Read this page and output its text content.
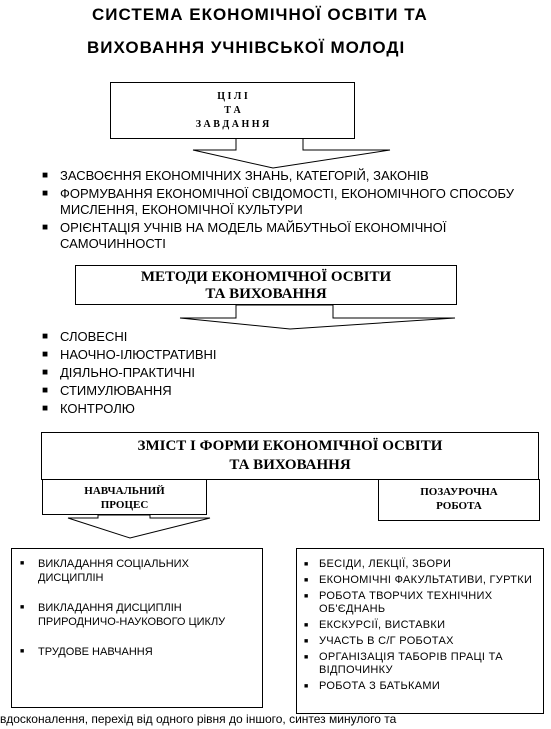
СИСТЕМА ЕКОНОМІЧНОЇ ОСВІТИ ТА
ВИХОВАННЯ УЧНІВСЬКОЇ МОЛОДІ
Ц І Л І
Т А
З А В Д А Н Н Я
■ ЗАСВОЄННЯ ЕКОНОМІЧНИХ ЗНАНЬ, КАТЕГОРІЙ, ЗАКОНІВ
■ ФОРМУВАННЯ ЕКОНОМІЧНОЇ СВІДОМОСТІ, ЕКОНОМІЧНОГО СПОСОБУ МИСЛЕННЯ, ЕКОНОМІЧНОЇ КУЛЬТУРИ
■ ОРІЄНТАЦІЯ УЧНІВ НА МОДЕЛЬ МАЙБУТНЬОЇ ЕКОНОМІЧНОЇ САМОЧИННОСТІ
МЕТОДИ ЕКОНОМІЧНОЇ ОСВІТИ
ТА ВИХОВАННЯ
■ СЛОВЕСНІ
■ НАОЧНО-ІЛЮСТРАТИВНІ
■ ДІЯЛЬНО-ПРАКТИЧНІ
■ СТИМУЛЮВАННЯ
■ КОНТРОЛЮ
ЗМІСТ І ФОРМИ ЕКОНОМІЧНОЇ ОСВІТИ
ТА ВИХОВАННЯ
НАВЧАЛЬНИЙ
ПРОЦЕС
ПОЗАУРОЧНА
РОБОТА
■ ВИКЛАДАННЯ СОЦІАЛЬНИХ ДИСЦИПЛІН
■ ВИКЛАДАННЯ ДИСЦИПЛІН ПРИРОДНИЧО-НАУКОВОГО ЦИКЛУ
■ ТРУДОВЕ НАВЧАННЯ
■ БЕСІДИ, ЛЕКЦІЇ, ЗБОРИ
■ ЕКОНОМІЧНІ ФАКУЛЬТАТИВИ, ГУРТКИ
■ РОБОТА ТВОРЧИХ ТЕХНІЧНИХ ОБ'ЄДНАНЬ
■ ЕКСКУРСІЇ, ВИСТАВКИ
■ УЧАСТЬ В С/Г РОБОТАХ
■ ОРГАНІЗАЦІЯ ТАБОРІВ ПРАЦІ ТА ВІДПОЧИНКУ
■ РОБОТА З БАТЬКАМИ
вдосконалення, перехід від одного рівня до іншого, синтез минулого та
